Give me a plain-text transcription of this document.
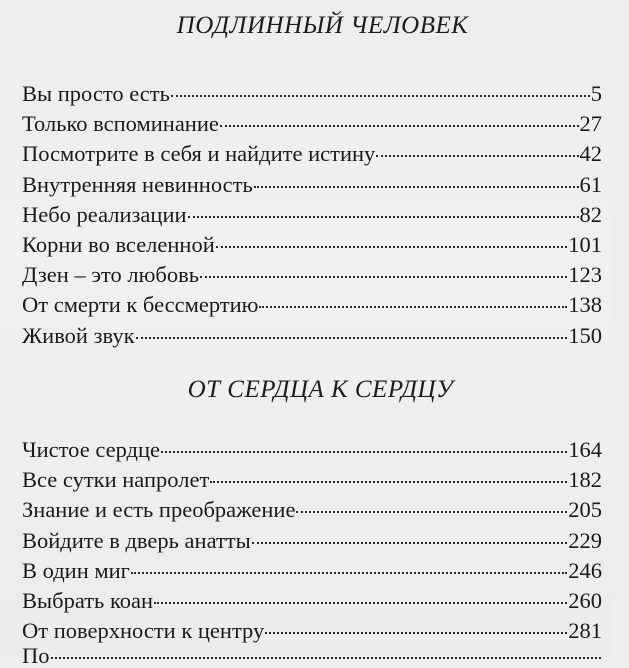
ПОДЛИННЫЙ ЧЕЛОВЕК
Вы просто есть	5
Только вспоминание	27
Посмотрите в себя и найдите истину	42
Внутренняя невинность	61
Небо реализации	82
Корни во вселенной	101
Дзен – это любовь	123
От смерти к бессмертию	138
Живой звук	150
ОТ СЕРДЦА К СЕРДЦУ
Чистое сердце	164
Все сутки напролет	182
Знание и есть преображение	205
Войдите в дверь анатты	229
В один миг	246
Выбрать коан	260
От поверхности к центру	281
По
